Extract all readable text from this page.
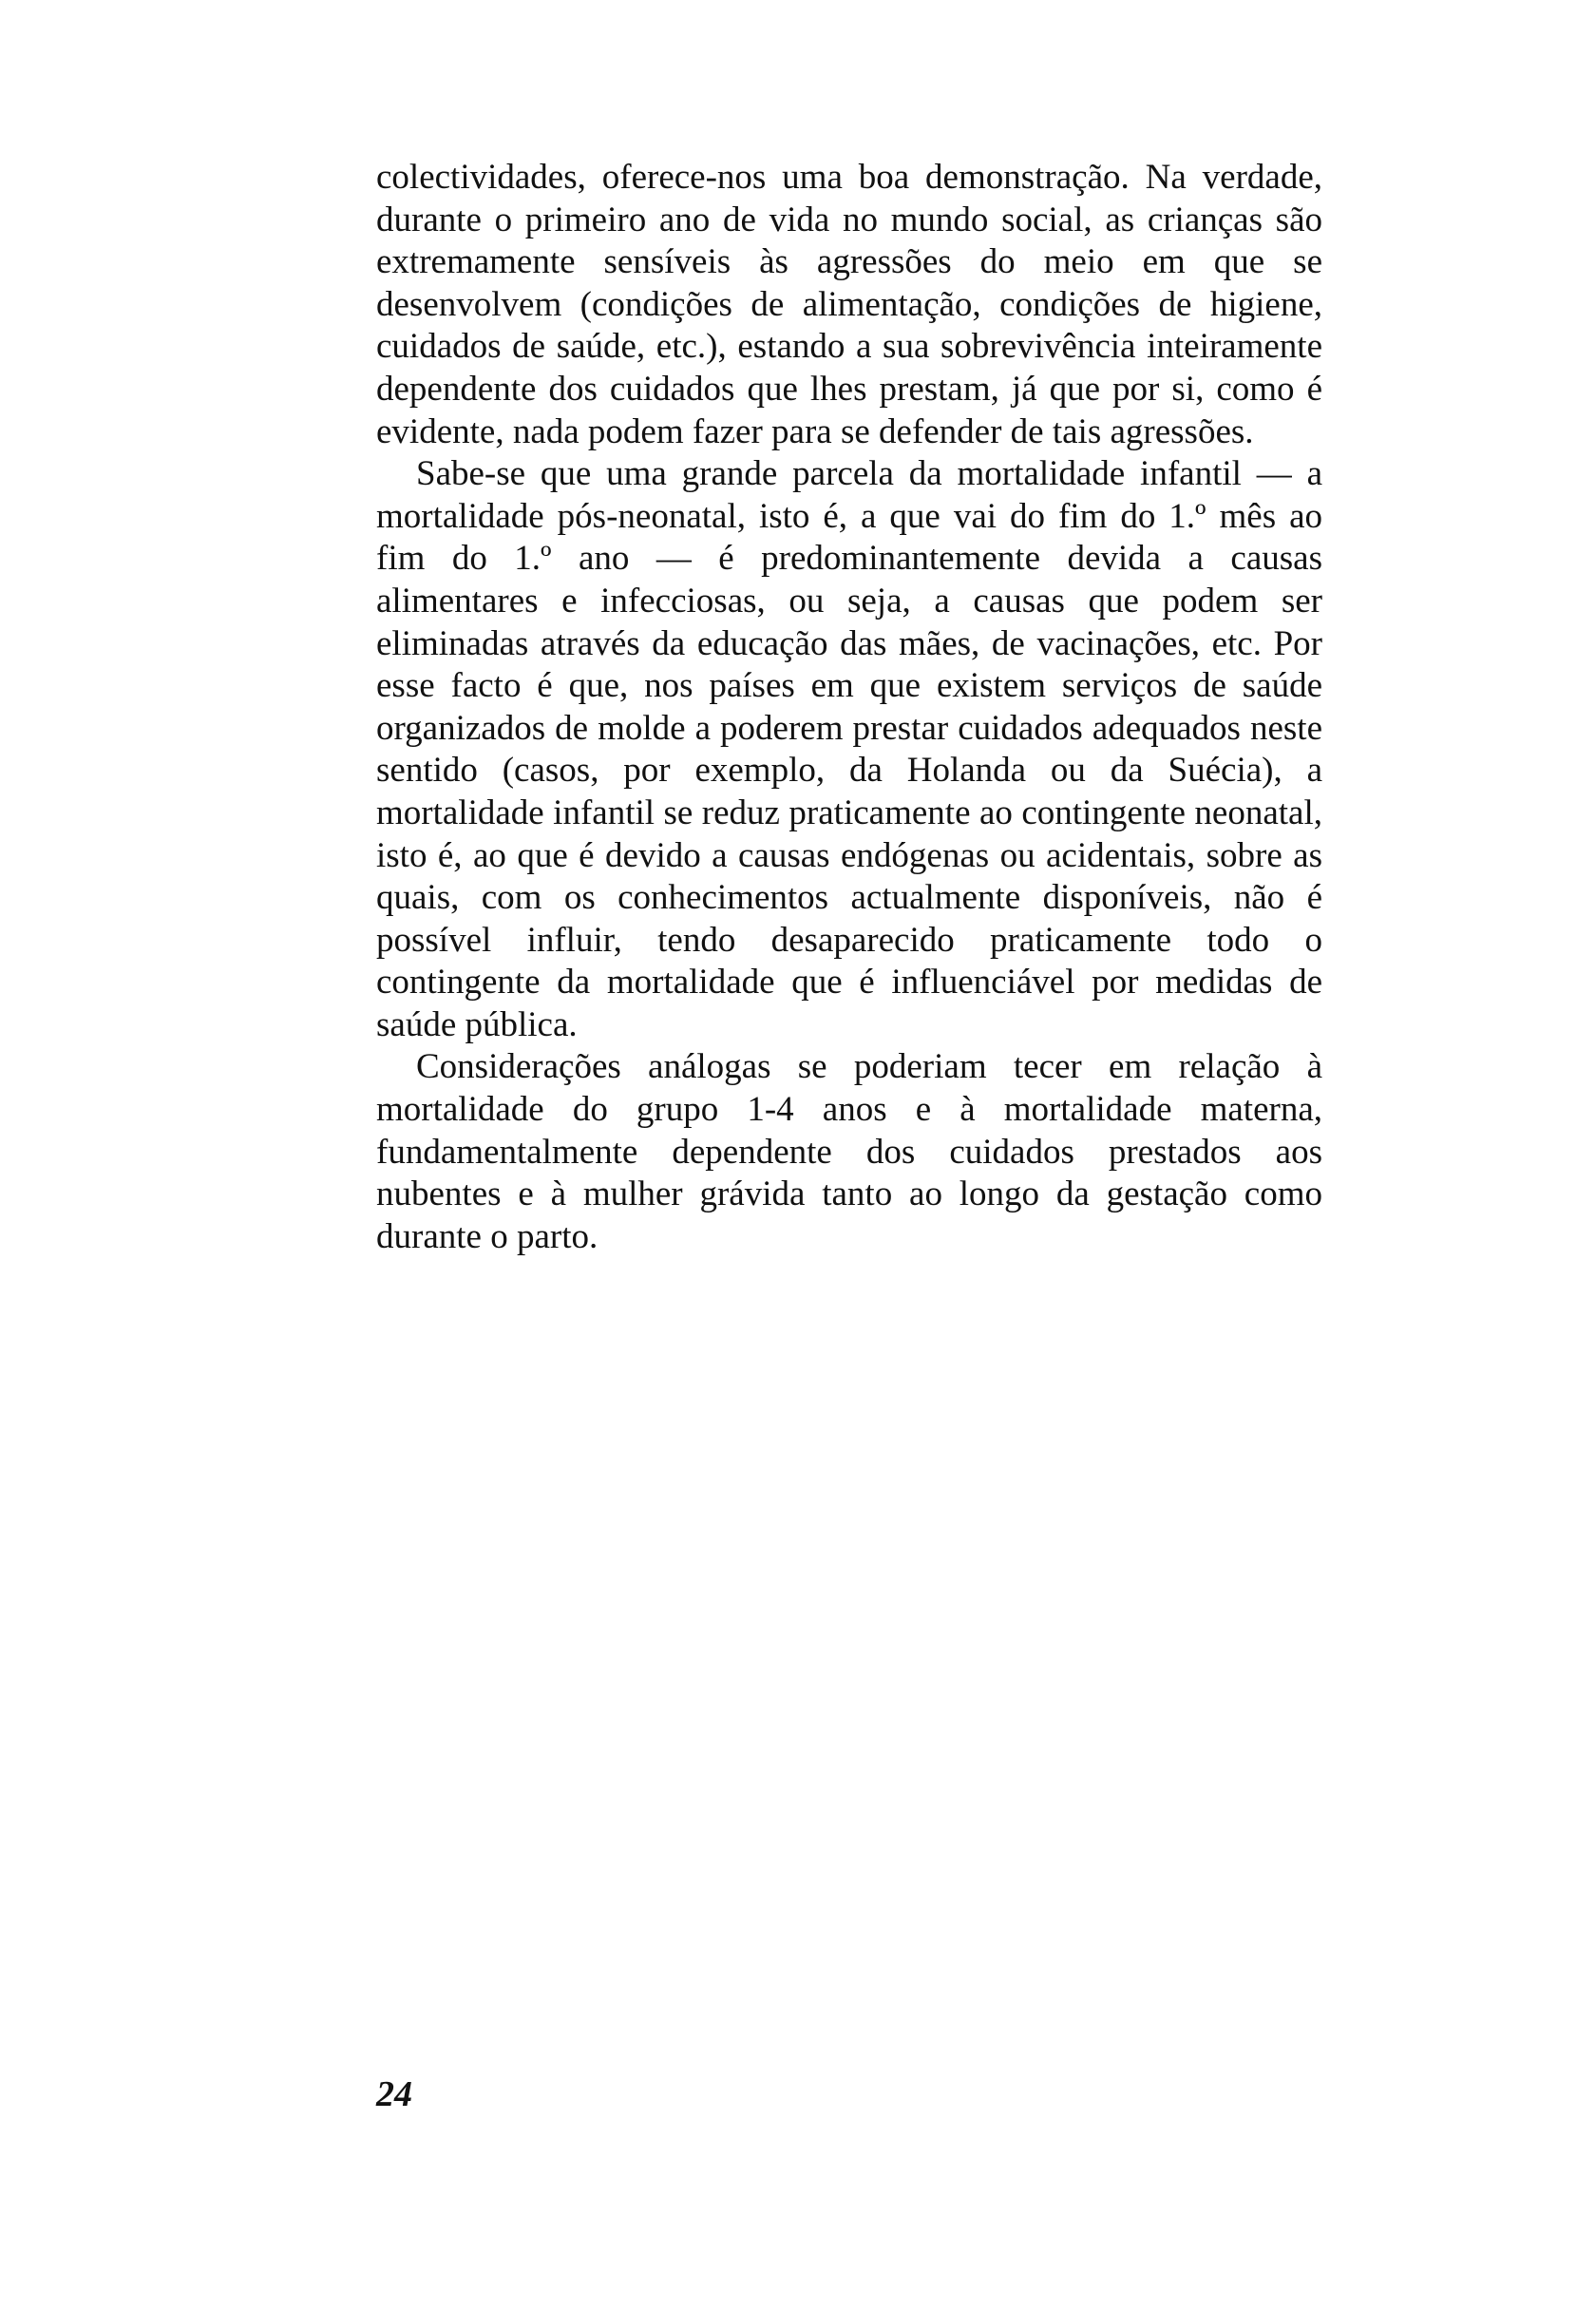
colectividades, oferece-nos uma boa demonstração. Na verdade, durante o primeiro ano de vida no mundo social, as crianças são extremamente sensíveis às agressões do meio em que se desenvolvem (condições de alimentação, condições de higiene, cuidados de saúde, etc.), estando a sua sobrevivência inteiramente dependente dos cuidados que lhes prestam, já que por si, como é evidente, nada podem fazer para se defender de tais agressões.

Sabe-se que uma grande parcela da mortalidade infantil — a mortalidade pós-neonatal, isto é, a que vai do fim do 1.º mês ao fim do 1.º ano — é predominantemente devida a causas alimentares e infecciosas, ou seja, a causas que podem ser eliminadas através da educação das mães, de vacinações, etc. Por esse facto é que, nos países em que existem serviços de saúde organizados de molde a poderem prestar cuidados adequados neste sentido (casos, por exemplo, da Holanda ou da Suécia), a mortalidade infantil se reduz praticamente ao contingente neonatal, isto é, ao que é devido a causas endógenas ou acidentais, sobre as quais, com os conhecimentos actualmente disponíveis, não é possível influir, tendo desaparecido praticamente todo o contingente da mortalidade que é influenciável por medidas de saúde pública.

Considerações análogas se poderiam tecer em relação à mortalidade do grupo 1-4 anos e à mortalidade materna, fundamentalmente dependente dos cuidados prestados aos nubentes e à mulher grávida tanto ao longo da gestação como durante o parto.

24
